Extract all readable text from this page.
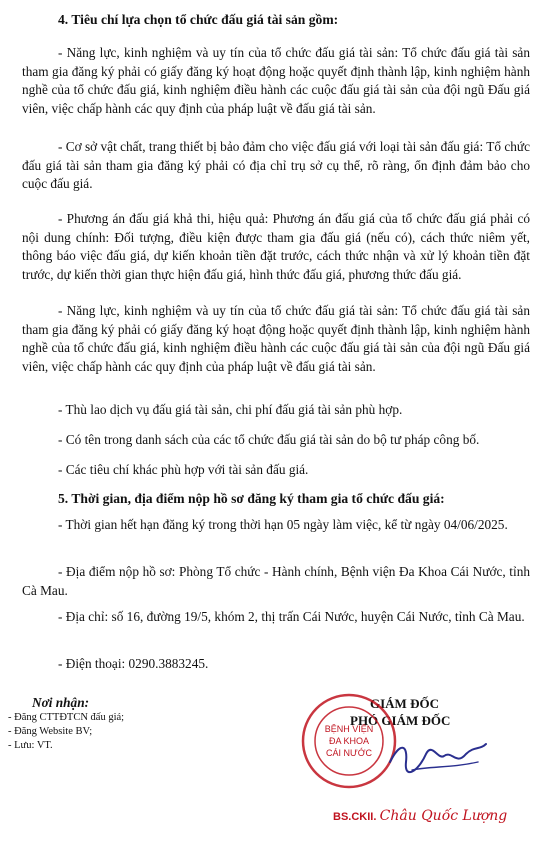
4. Tiêu chí lựa chọn tổ chức đấu giá tài sản gồm:
- Năng lực, kinh nghiệm và uy tín của tổ chức đấu giá tài sản: Tổ chức đấu giá tài sản tham gia đăng ký phải có giấy đăng ký hoạt động hoặc quyết định thành lập, kinh nghiệm hành nghề của tổ chức đấu giá, kinh nghiệm điều hành các cuộc đấu giá tài sản của đội ngũ Đấu giá viên, việc chấp hành các quy định của pháp luật về đấu giá tài sản.
- Cơ sở vật chất, trang thiết bị bảo đảm cho việc đấu giá với loại tài sản đấu giá: Tổ chức đấu giá tài sản tham gia đăng ký phải có địa chỉ trụ sở cụ thể, rõ ràng, ổn định đảm bảo cho cuộc đấu giá.
- Phương án đấu giá khả thi, hiệu quả: Phương án đấu giá của tổ chức đấu giá phải có nội dung chính: Đối tượng, điều kiện được tham gia đấu giá (nếu có), cách thức niêm yết, thông báo việc đấu giá, dự kiến khoản tiền đặt trước, cách thức nhận và xử lý khoản tiền đặt trước, dự kiến thời gian thực hiện đấu giá, hình thức đấu giá, phương thức đấu giá.
- Năng lực, kinh nghiệm và uy tín của tổ chức đấu giá tài sản: Tổ chức đấu giá tài sản tham gia đăng ký phải có giấy đăng ký hoạt động hoặc quyết định thành lập, kinh nghiệm hành nghề của tổ chức đấu giá, kinh nghiệm điều hành các cuộc đấu giá tài sản của đội ngũ Đấu giá viên, việc chấp hành các quy định của pháp luật về đấu giá tài sản.
- Thù lao dịch vụ đấu giá tài sản, chi phí đấu giá tài sản phù hợp.
- Có tên trong danh sách của các tổ chức đấu giá tài sản do bộ tư pháp công bố.
- Các tiêu chí khác phù hợp với tài sản đấu giá.
5. Thời gian, địa điểm nộp hồ sơ đăng ký tham gia tổ chức đấu giá:
- Thời gian hết hạn đăng ký trong thời hạn 05 ngày làm việc, kể từ ngày 04/06/2025.
- Địa điểm nộp hồ sơ: Phòng Tổ chức - Hành chính, Bệnh viện Đa Khoa Cái Nước, tỉnh Cà Mau.
- Địa chỉ: số 16, đường 19/5, khóm 2, thị trấn Cái Nước, huyện Cái Nước, tỉnh Cà Mau.
- Điện thoại: 0290.3883245.
Nơi nhận:
- Đăng CTTĐTCN đấu giá;
- Đăng Website BV;
- Lưu: VT.
GIÁM ĐỐC
PHÓ GIÁM ĐỐC
BỆNH VIỆN
ĐA KHOA
CÁI NƯỚC
BS.CKII. Châu Quốc Lượng
